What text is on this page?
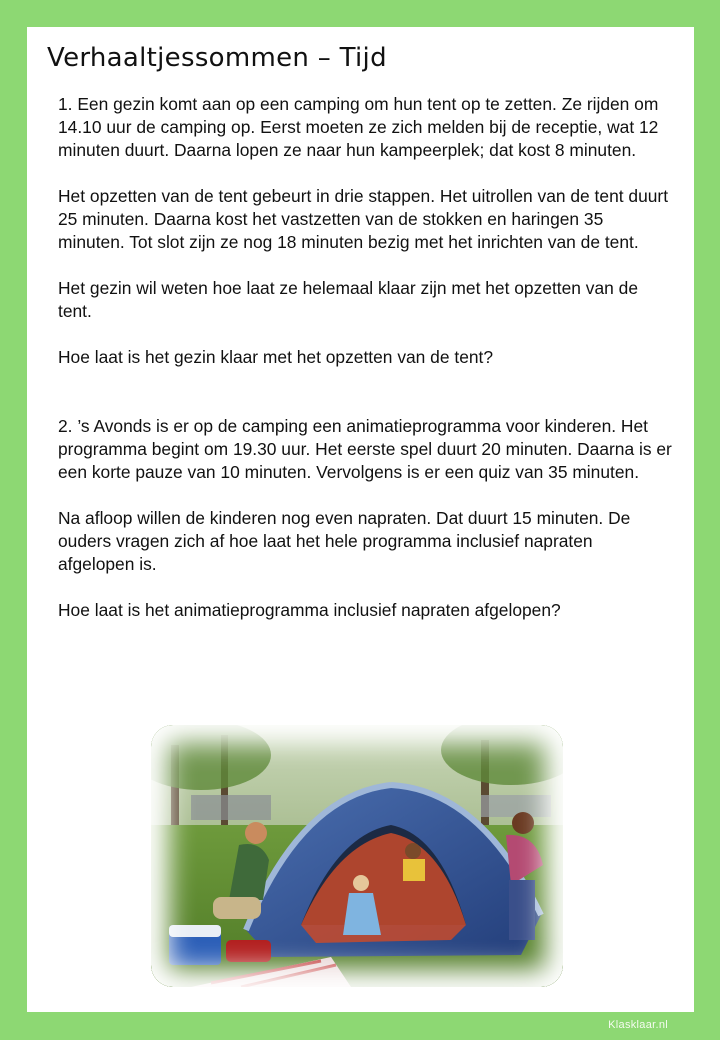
Verhaaltjessommen – Tijd

1. Een gezin komt aan op een camping om hun tent op te zetten. Ze rijden om 14.10 uur de camping op. Eerst moeten ze zich melden bij de receptie, wat 12 minuten duurt. Daarna lopen ze naar hun kampeerplek; dat kost 8 minuten.

Het opzetten van de tent gebeurt in drie stappen. Het uitrollen van de tent duurt 25 minuten. Daarna kost het vastzetten van de stokken en haringen 35 minuten. Tot slot zijn ze nog 18 minuten bezig met het inrichten van de tent.

Het gezin wil weten hoe laat ze helemaal klaar zijn met het opzetten van de tent.

Hoe laat is het gezin klaar met het opzetten van de tent?

2. ’s Avonds is er op de camping een animatieprogramma voor kinderen. Het programma begint om 19.30 uur. Het eerste spel duurt 20 minuten. Daarna is er een korte pauze van 10 minuten. Vervolgens is er een quiz van 35 minuten.

Na afloop willen de kinderen nog even napraten. Dat duurt 15 minuten. De ouders vragen zich af hoe laat het hele programma inclusief napraten afgelopen is.

Hoe laat is het animatieprogramma inclusief napraten afgelopen?

Klasklaar.nl
